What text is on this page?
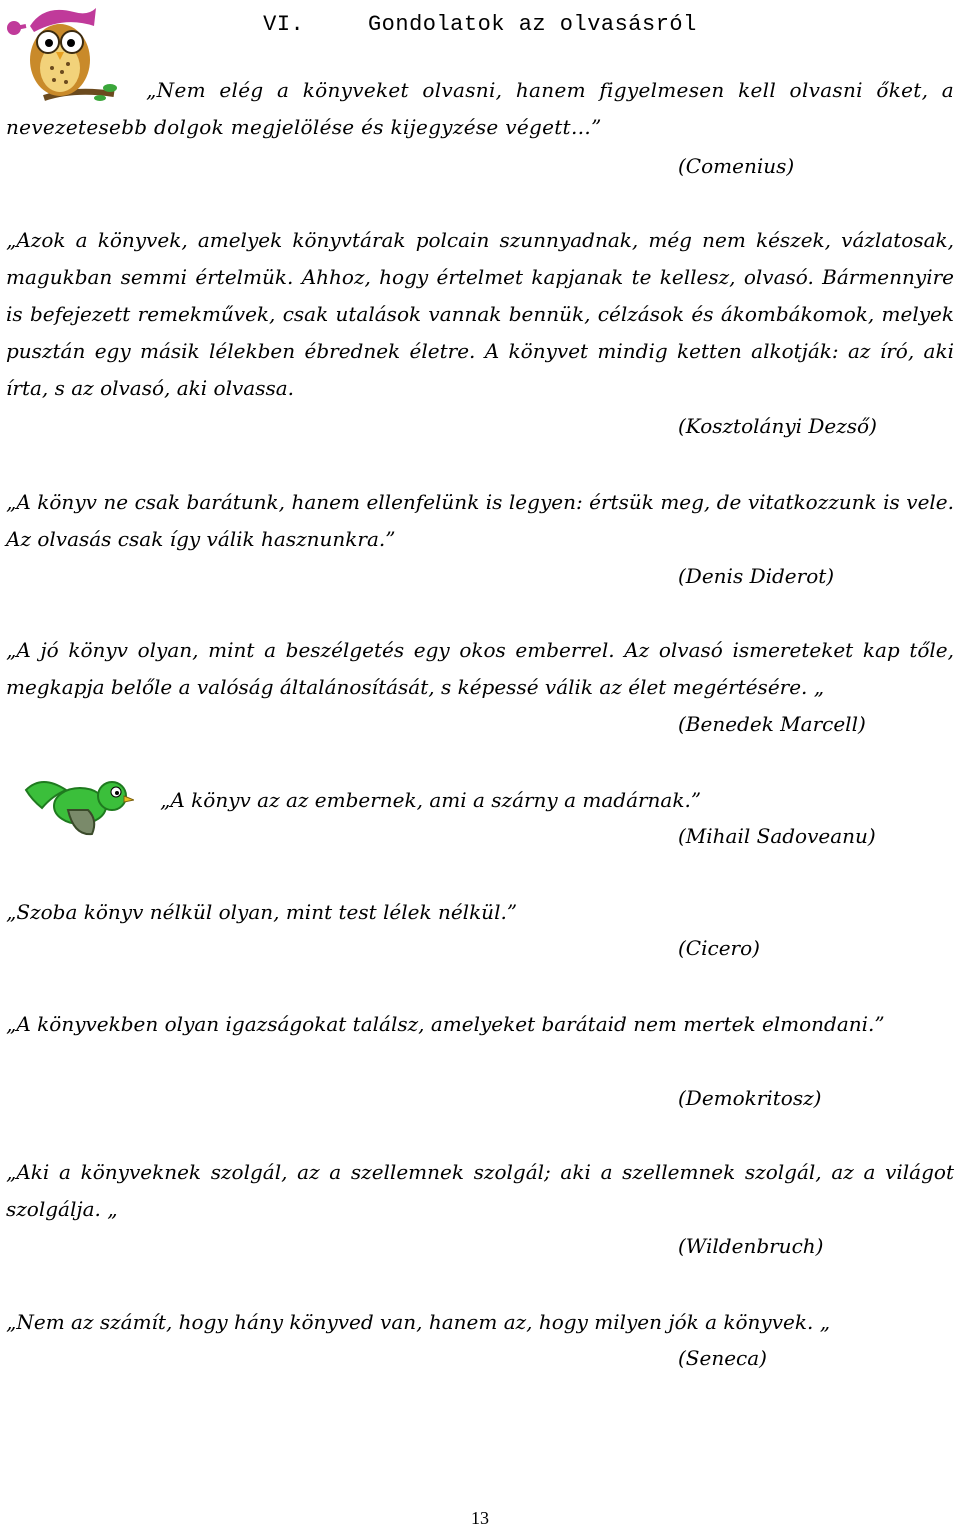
VI.	Gondolatok az olvasásról
„Nem elég a könyveket olvasni, hanem figyelmesen kell olvasni őket, a nevezetesebb dolgok megjelölése és kijegyzése végett…”
(Comenius)
„Azok a könyvek, amelyek könyvtárak polcain szunnyadnak, még nem készek, vázlatosak, magukban semmi értelmük. Ahhoz, hogy értelmet kapjanak te kellesz, olvasó. Bármennyire is befejezett remekművek, csak utalások vannak bennük, célzások és ákombákomok, melyek pusztán egy másik lélekben ébrednek életre. A könyvet mindig ketten alkotják: az író, aki írta, s az olvasó, aki olvassa.
(Kosztolányi Dezső)
„A könyv ne csak barátunk, hanem ellenfelünk is legyen: értsük meg, de vitatkozzunk is vele. Az olvasás csak így válik hasznunkra.”
(Denis Diderot)
„A jó könyv olyan, mint a beszélgetés egy okos emberrel. Az olvasó ismereteket kap tőle, megkapja belőle a valóság általánosítását, s képessé válik az élet megértésére. „
(Benedek Marcell)
„A könyv az az embernek, ami a szárny a madárnak.”
(Mihail Sadoveanu)
„Szoba könyv nélkül olyan, mint test lélek nélkül.”
(Cicero)
„A könyvekben olyan igazságokat találsz, amelyeket barátaid nem mertek elmondani.”
(Demokritosz)
„Aki a könyveknek szolgál, az a szellemnek szolgál; aki a szellemnek szolgál, az a világot szolgálja. „
(Wildenbruch)
„Nem az számít, hogy hány könyved van, hanem az, hogy milyen jók a könyvek. „
(Seneca)
13
